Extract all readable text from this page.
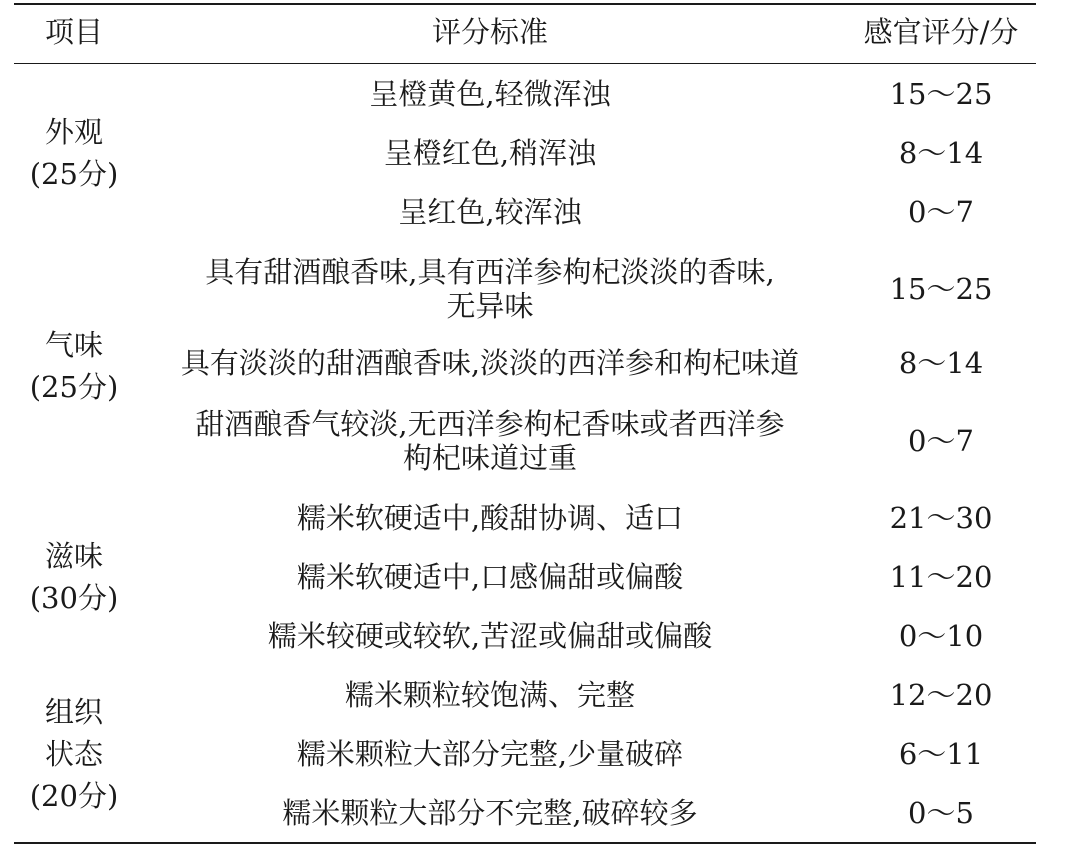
项目	评分标准	感官评分/分
外观
(25分)
呈橙黄色,轻微浑浊	15～25
呈橙红色,稍浑浊	8～14
呈红色,较浑浊	0～7
气味
(25分)
具有甜酒酿香味,具有西洋参枸杞淡淡的香味,
无异味	15～25
具有淡淡的甜酒酿香味,淡淡的西洋参和枸杞味道	8～14
甜酒酿香气较淡,无西洋参枸杞香味或者西洋参
枸杞味道过重	0～7
滋味
(30分)
糯米软硬适中,酸甜协调、适口	21～30
糯米软硬适中,口感偏甜或偏酸	11～20
糯米较硬或较软,苦涩或偏甜或偏酸	0～10
组织
状态
(20分)
糯米颗粒较饱满、完整	12～20
糯米颗粒大部分完整,少量破碎	6～11
糯米颗粒大部分不完整,破碎较多	0～5
